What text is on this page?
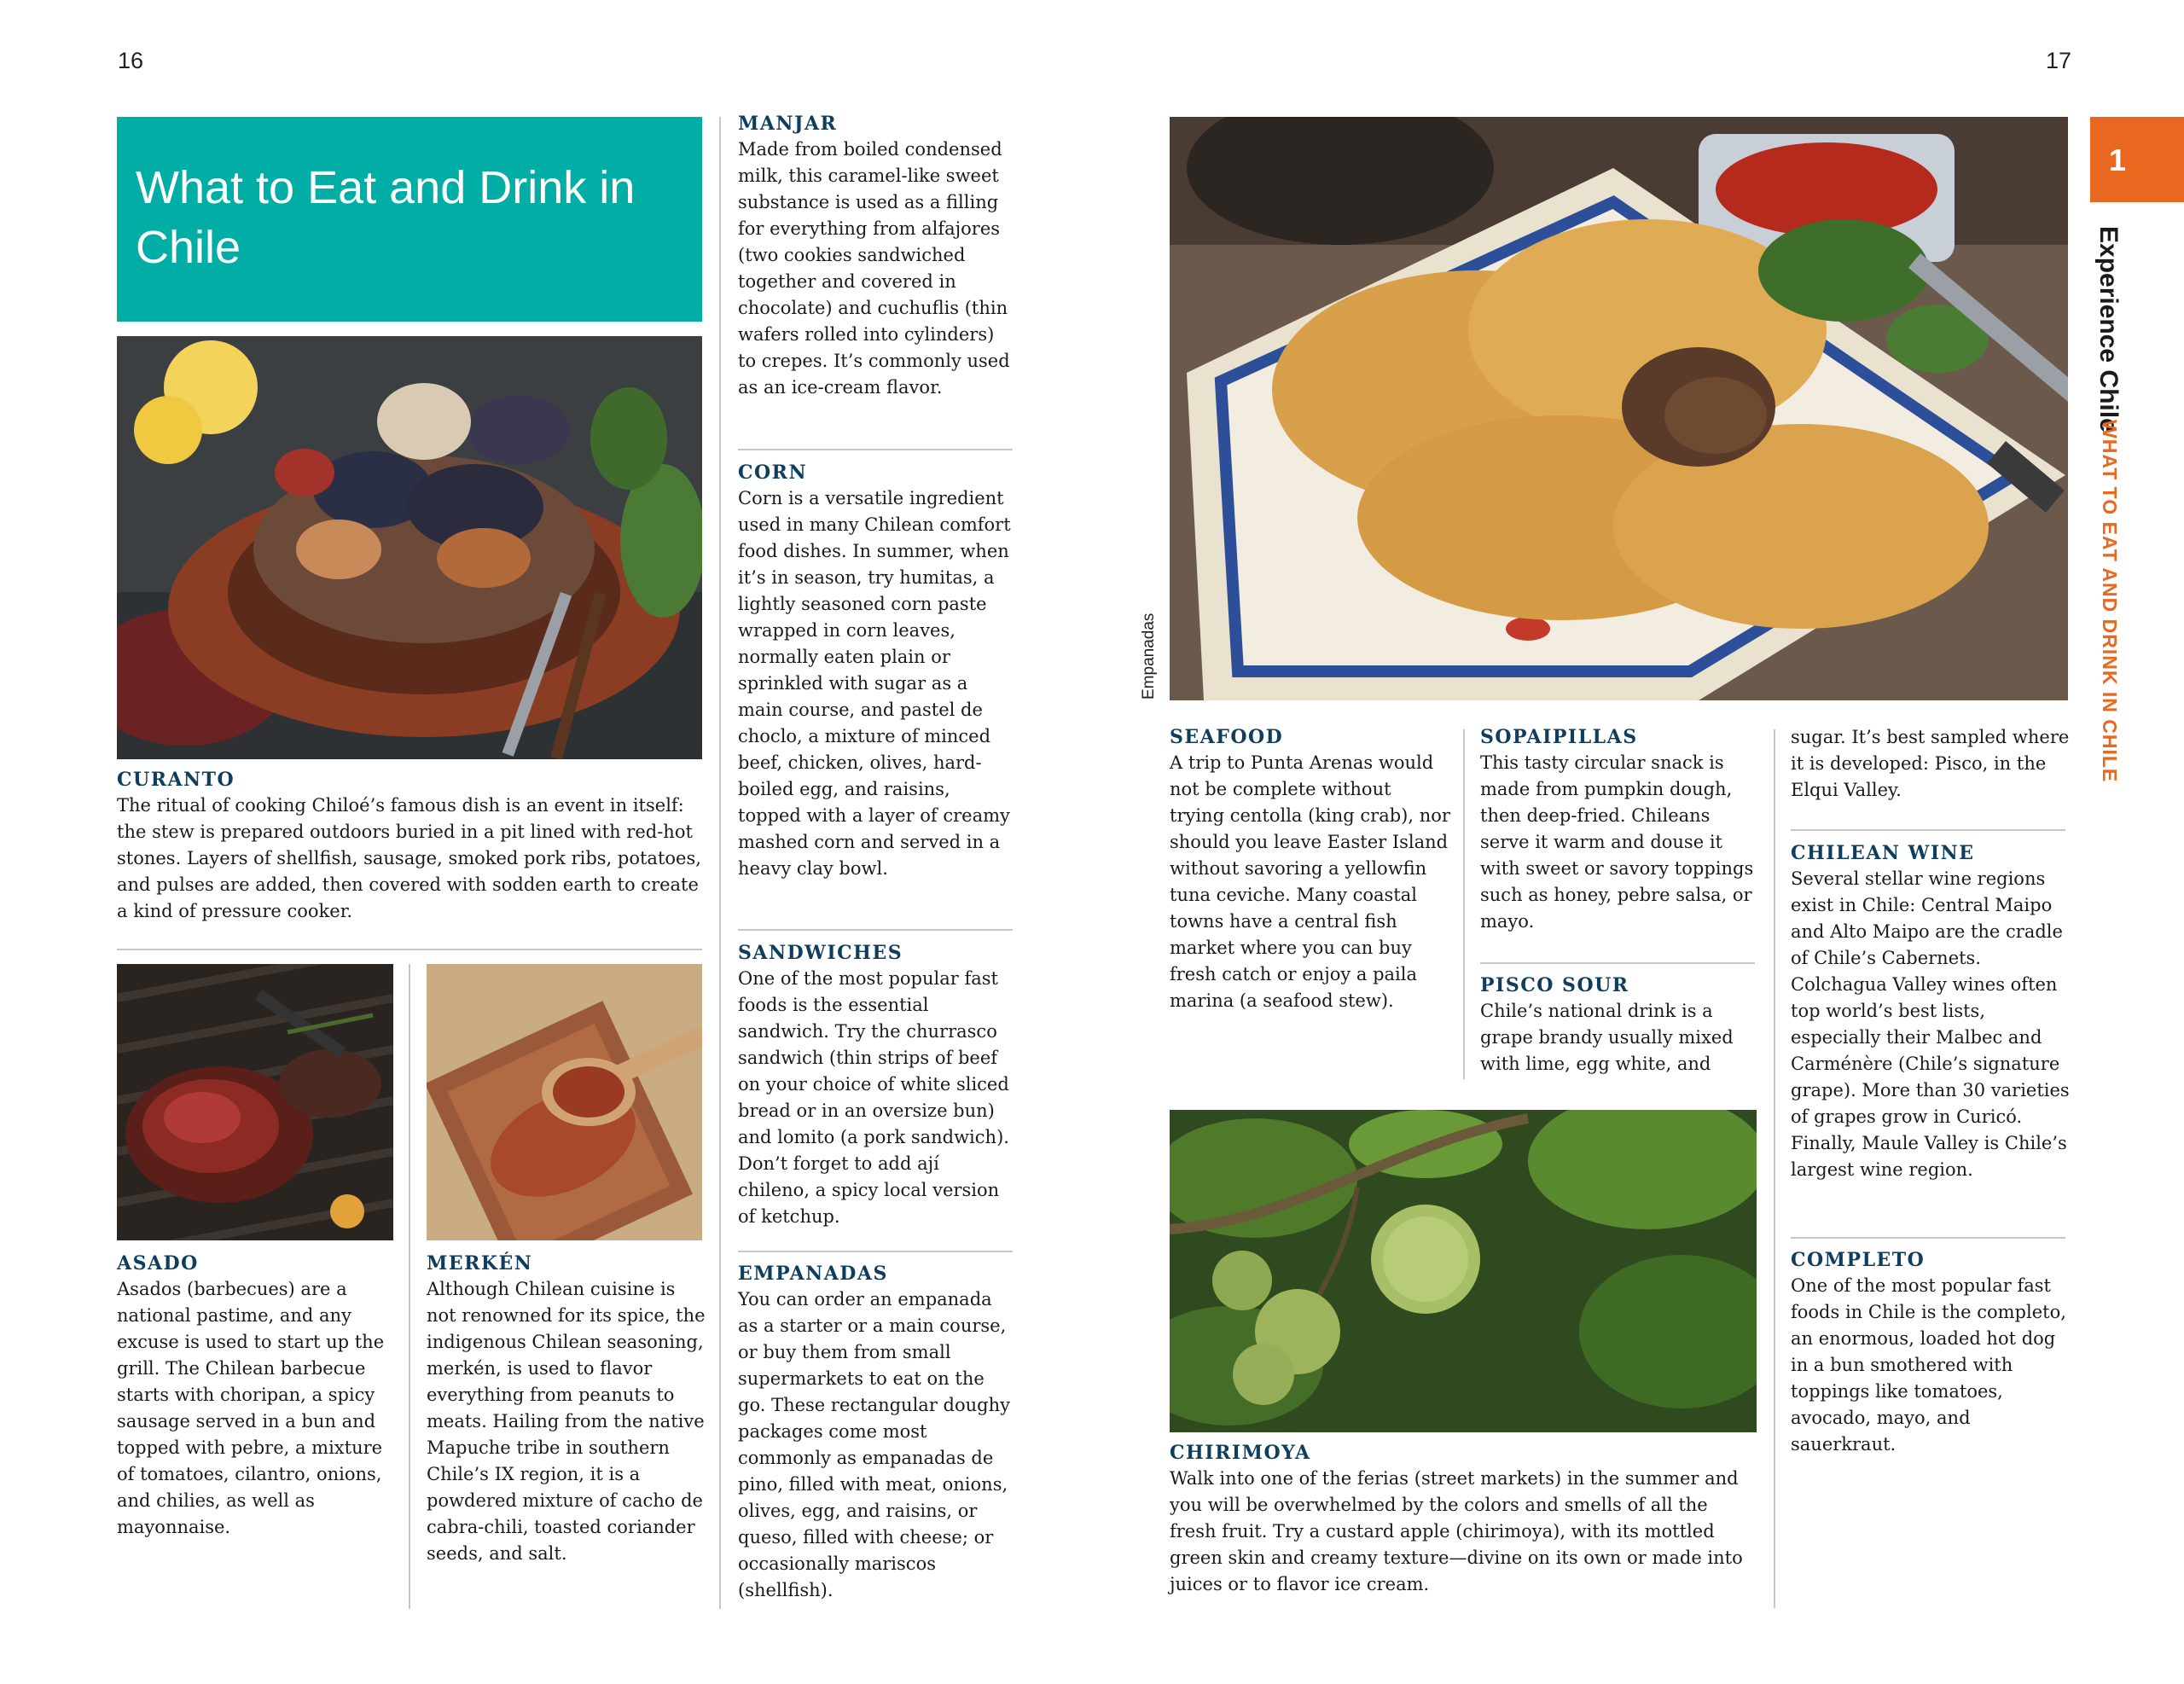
16	17
What to Eat and Drink in Chile
CURANTO

The ritual of cooking Chiloé’s famous dish is an event in itself: the stew is prepared outdoors buried in a pit lined with red-hot stones. Layers of shellfish, sausage, smoked pork ribs, potatoes, and pulses are added, then covered with sodden earth to create a kind of pressure cooker.

ASADO

Asados (barbecues) are a national pastime, and any excuse is used to start up the grill. The Chilean barbecue starts with choripan, a spicy sausage served in a bun and topped with pebre, a mixture of tomatoes, cilantro, onions, and chilies, as well as mayonnaise.

MERKÉN

Although Chilean cuisine is not renowned for its spice, the indigenous Chilean seasoning, merkén, is used to flavor everything from peanuts to meats. Hailing from the native Mapuche tribe in southern Chile’s IX region, it is a powdered mixture of cacho de cabra-chili, toasted coriander seeds, and salt.

MANJAR

Made from boiled condensed milk, this caramel-like sweet substance is used as a filling for everything from alfajores (two cookies sandwiched together and covered in chocolate) and cuchuflis (thin wafers rolled into cylinders) to crepes. It’s commonly used as an ice-cream flavor.

CORN

Corn is a versatile ingredient used in many Chilean comfort food dishes. In summer, when it’s in season, try humitas, a lightly seasoned corn paste wrapped in corn leaves, normally eaten plain or sprinkled with sugar as a main course, and pastel de choclo, a mixture of minced beef, chicken, olives, hard-boiled egg, and raisins, topped with a layer of creamy mashed corn and served in a heavy clay bowl.

SANDWICHES

One of the most popular fast foods is the essential sandwich. Try the churrasco sandwich (thin strips of beef on your choice of white sliced bread or in an oversize bun) and lomito (a pork sandwich). Don’t forget to add ají chileno, a spicy local version of ketchup.

EMPANADAS

You can order an empanada as a starter or a main course, or buy them from small supermarkets to eat on the go. These rectangular doughy packages come most commonly as empanadas de pino, filled with meat, onions, olives, egg, and raisins, or queso, filled with cheese; or occasionally mariscos (shellfish).

Empanadas
SEAFOOD

A trip to Punta Arenas would not be complete without trying centolla (king crab), nor should you leave Easter Island without savoring a yellowfin tuna ceviche. Many coastal towns have a central fish market where you can buy fresh catch or enjoy a paila marina (a seafood stew).

SOPAIPILLAS

This tasty circular snack is made from pumpkin dough, then deep-fried. Chileans serve it warm and douse it with sweet or savory toppings such as honey, pebre salsa, or mayo.

PISCO SOUR

Chile’s national drink is a grape brandy usually mixed with lime, egg white, and

sugar. It’s best sampled where it is developed: Pisco, in the Elqui Valley.

CHILEAN WINE

Several stellar wine regions exist in Chile: Central Maipo and Alto Maipo are the cradle of Chile’s Cabernets. Colchagua Valley wines often top world’s best lists, especially their Malbec and Carménère (Chile’s signature grape). More than 30 varieties of grapes grow in Curicó. Finally, Maule Valley is Chile’s largest wine region.

COMPLETO

One of the most popular fast foods in Chile is the completo, an enormous, loaded hot dog in a bun smothered with toppings like tomatoes, avocado, mayo, and sauerkraut.

CHIRIMOYA

Walk into one of the ferias (street markets) in the summer and you will be overwhelmed by the colors and smells of all the fresh fruit. Try a custard apple (chirimoya), with its mottled green skin and creamy texture—divine on its own or made into juices or to flavor ice cream.

1
Experience Chile
WHAT TO EAT AND DRINK IN CHILE
